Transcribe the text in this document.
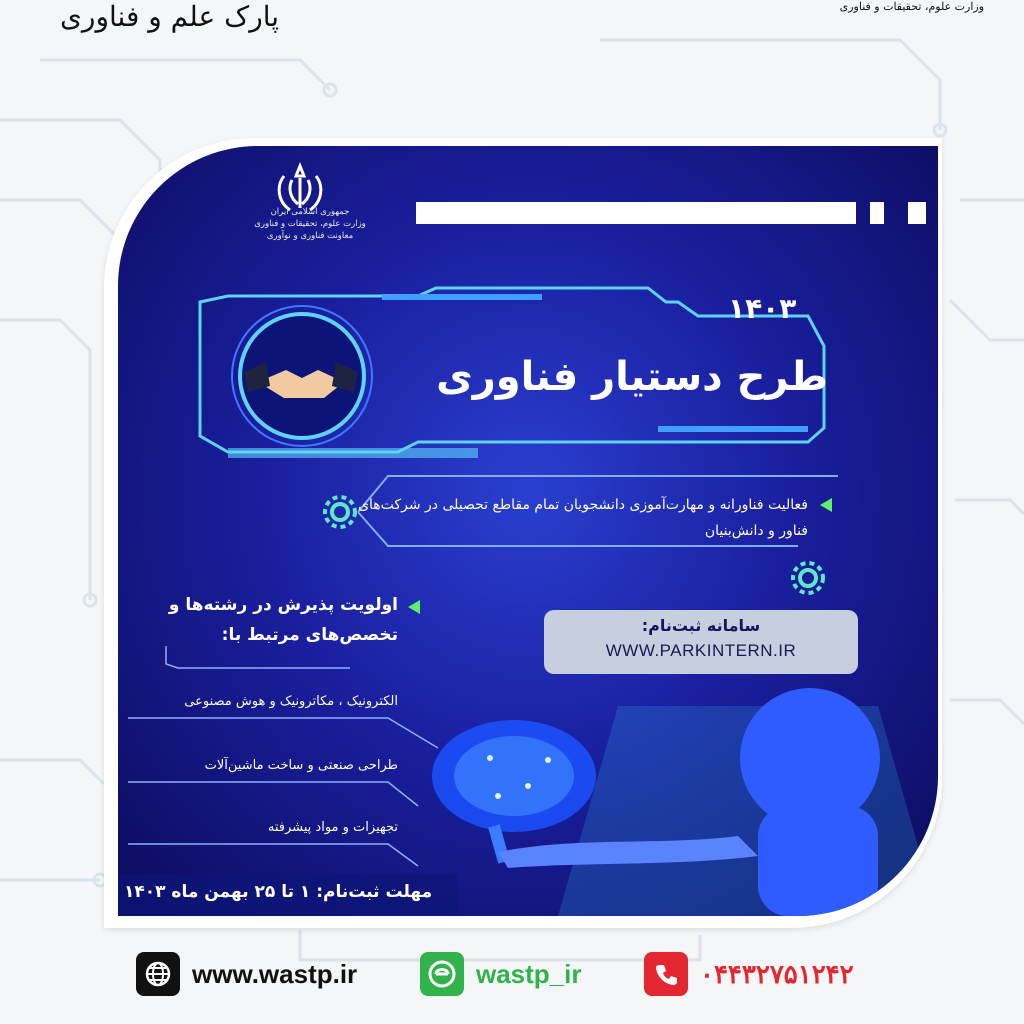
پارک علم و فناوری	وزارت علوم، تحقیقات و فناوری
جمهوری اسلامی ایران
وزارت علوم، تحقیقات و فناوری
معاونت فناوری و نوآوری
۱۴۰۳
طرح دستیار فناوری
فعالیت فناورانه و مهارت‌آموزی دانشجویان تمام مقاطع تحصیلی در شرکت‌های فناور و دانش‌بنیان
اولویت پذیرش در رشته‌ها و تخصص‌های مرتبط با:
الکترونیک ، مکاترونیک و هوش مصنوعی
طراحی صنعتی و ساخت ماشین‌آلات
تجهیزات و مواد پیشرفته
سامانه ثبت‌نام:
WWW.PARKINTERN.IR
مهلت ثبت‌نام: ۱ تا ۲۵ بهمن ماه ۱۴۰۳
www.wastp.ir	wastp_ir	۰۴۴۳۲۷۵۱۲۴۲
